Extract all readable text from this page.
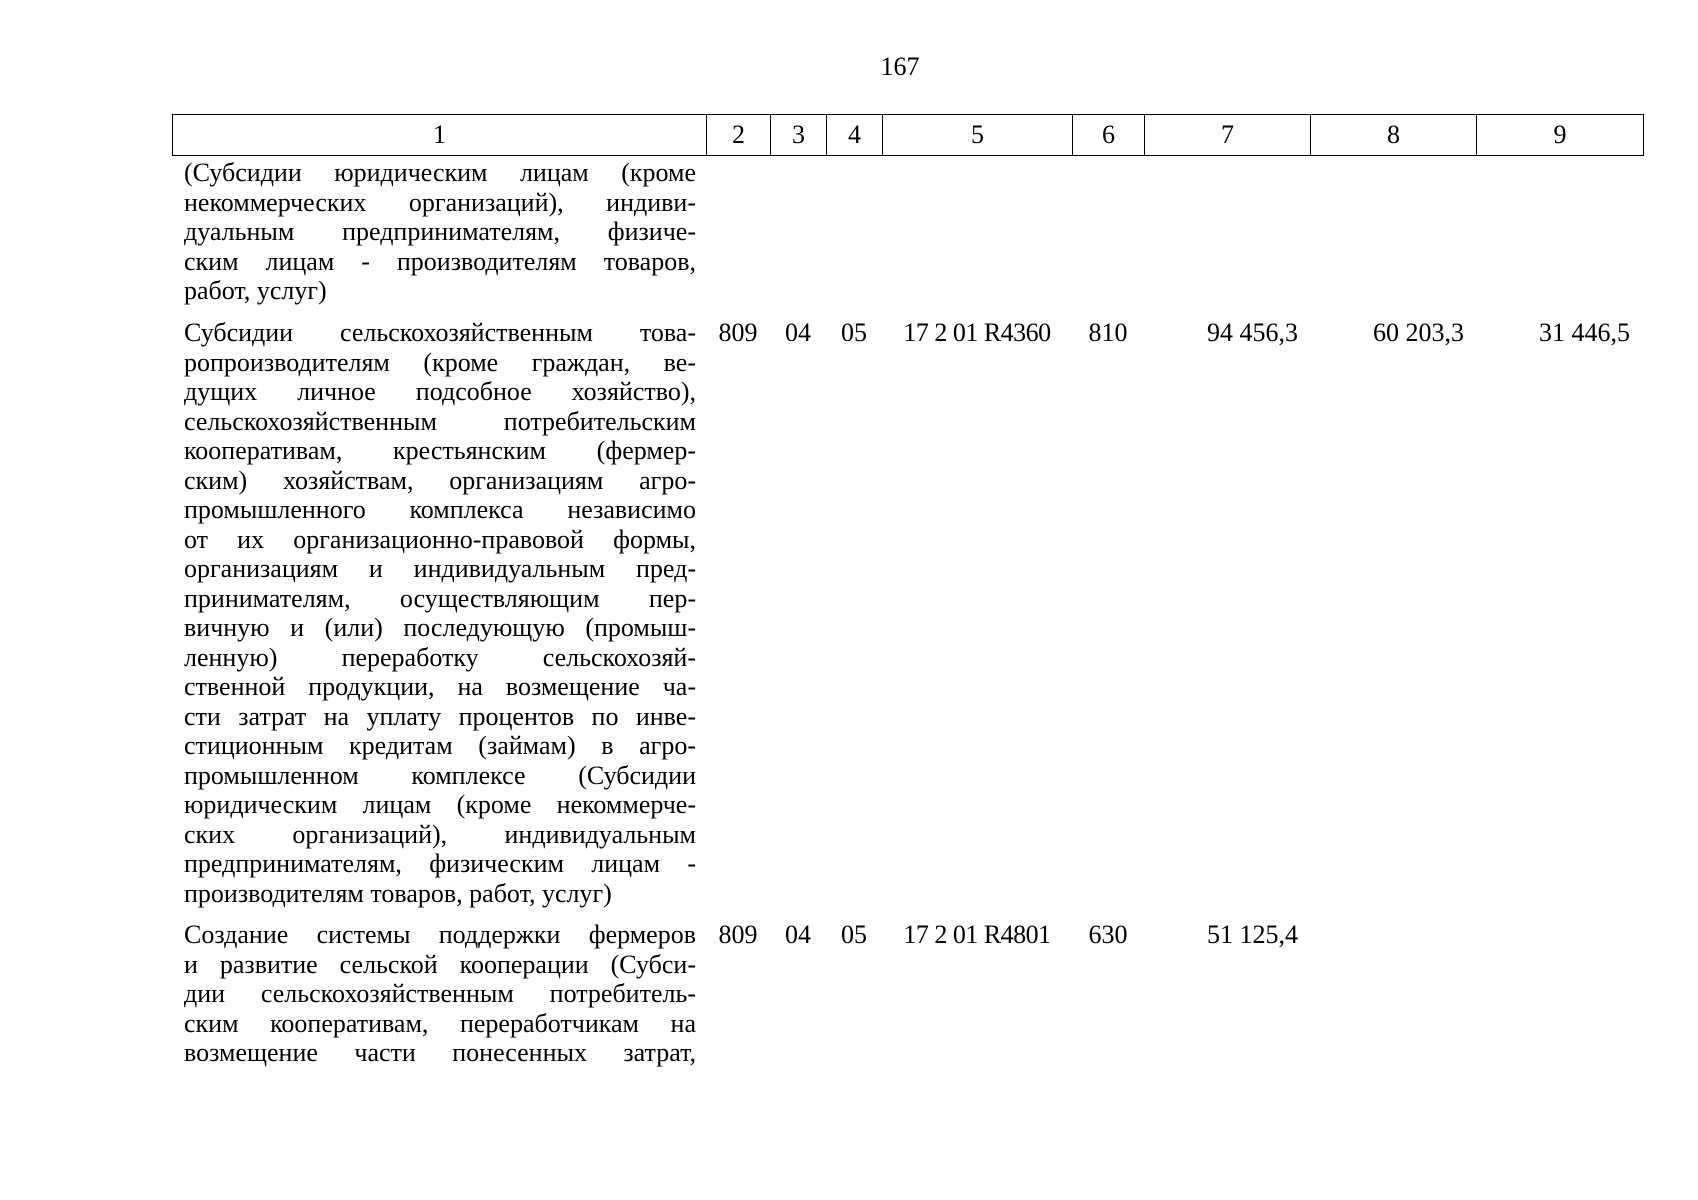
167
1	2	3	4	5	6	7	8	9
(Субсидии юридическим лицам (кроме
некоммерческих организаций), индиви-
дуальным предпринимателям, физиче-
ским лицам - производителям товаров,
работ, услуг)
Субсидии сельскохозяйственным това-
ропроизводителям (кроме граждан, ве-
дущих личное подсобное хозяйство),
сельскохозяйственным потребительским
кооперативам, крестьянским (фермер-
ским) хозяйствам, организациям агро-
промышленного комплекса независимо
от их организационно-правовой формы,
организациям и индивидуальным пред-
принимателям, осуществляющим пер-
вичную и (или) последующую (промыш-
ленную) переработку сельскохозяй-
ственной продукции, на возмещение ча-
сти затрат на уплату процентов по инве-
стиционным кредитам (займам) в агро-
промышленном комплексе (Субсидии
юридическим лицам (кроме некоммерче-
ских организаций), индивидуальным
предпринимателям, физическим лицам -
производителям товаров, работ, услуг)
809	04	05	17 2 01 R4360	810	94 456,3	60 203,3	31 446,5
Создание системы поддержки фермеров
и развитие сельской кооперации (Субси-
дии сельскохозяйственным потребитель-
ским кооперативам, переработчикам на
возмещение части понесенных затрат,
809	04	05	17 2 01 R4801	630	51 125,4
